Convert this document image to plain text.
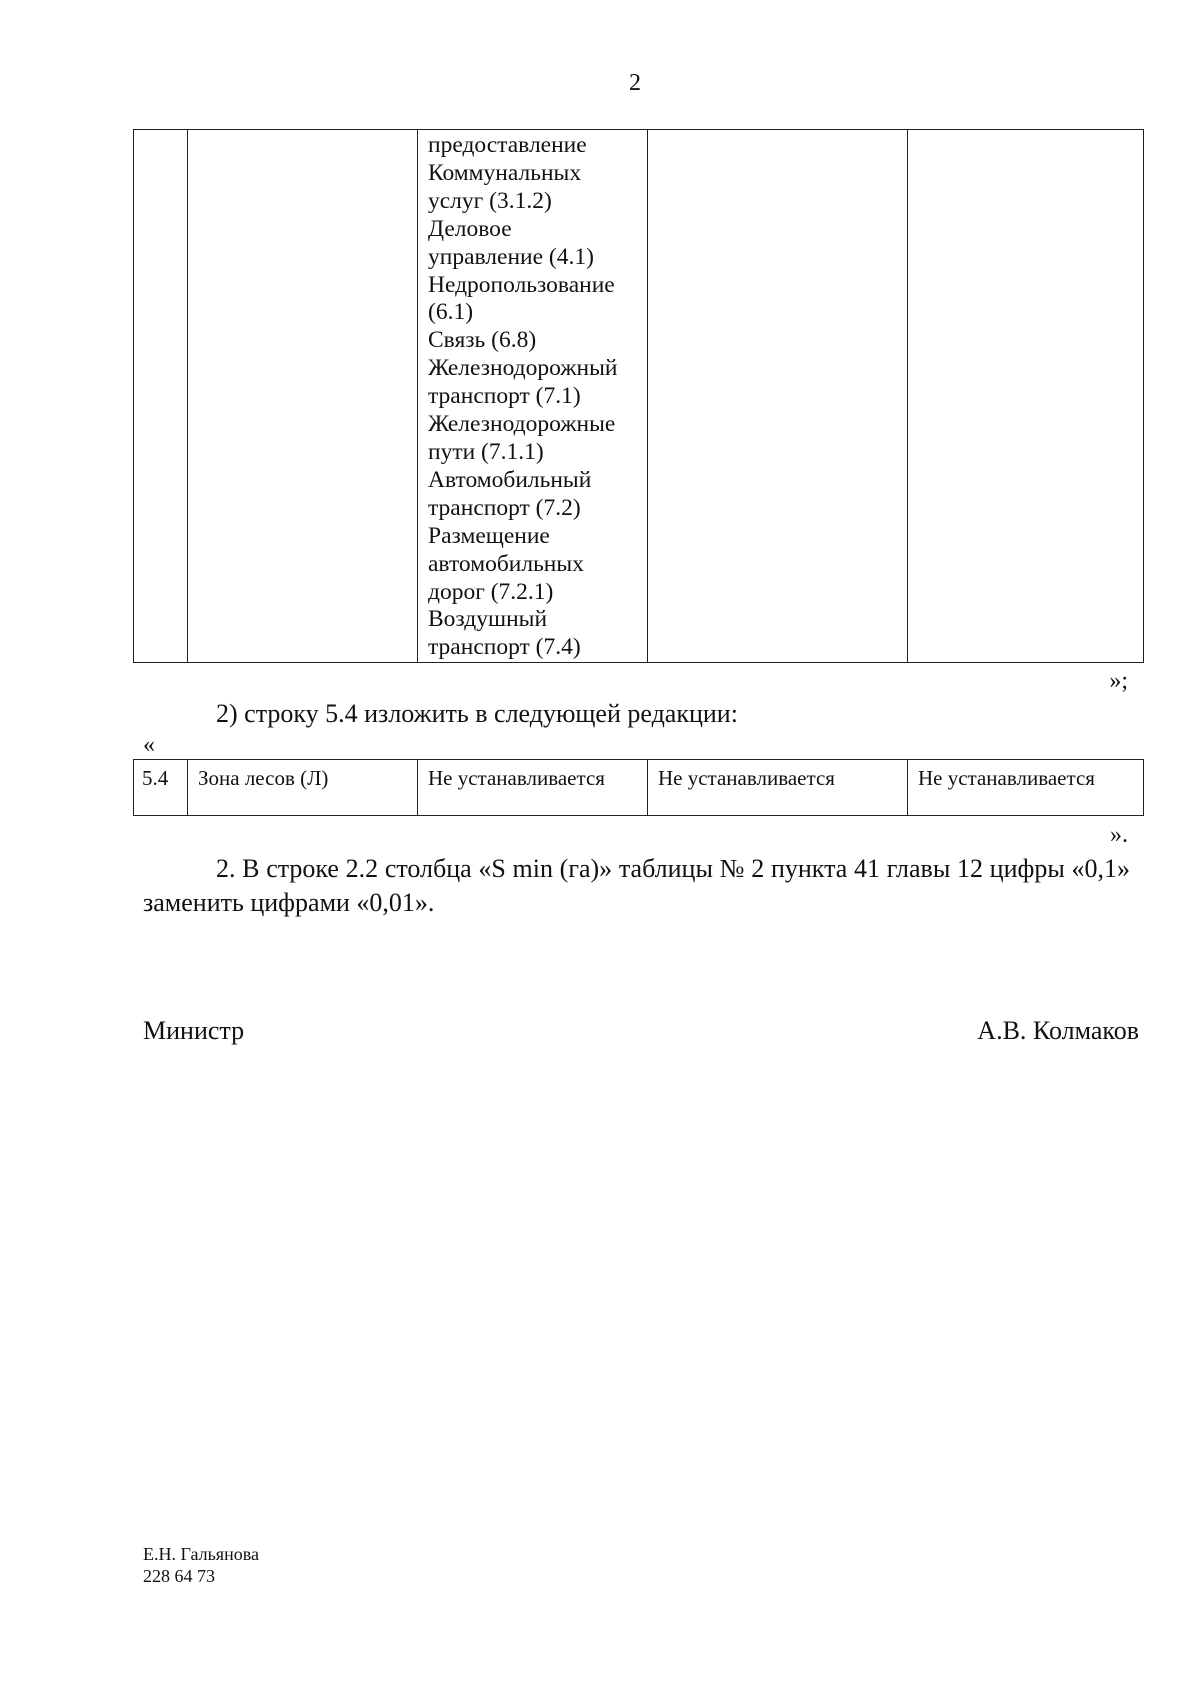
2

предоставление
Коммунальных
услуг (3.1.2)
Деловое
управление (4.1)
Недропользование
(6.1)
Связь (6.8)
Железнодорожный
транспорт (7.1)
Железнодорожные
пути (7.1.1)
Автомобильный
транспорт (7.2)
Размещение
автомобильных
дорог (7.2.1)
Воздушный
транспорт (7.4)

»;
2) строку 5.4 изложить в следующей редакции:
«
5.4	Зона лесов (Л)	Не устанавливается	Не устанавливается	Не устанавливается
».
2. В строке 2.2 столбца «S min (га)» таблицы № 2 пункта 41 главы 12 цифры «0,1» заменить цифрами «0,01».
Министр	А.В. Колмаков
Е.Н. Гальянова
228 64 73
